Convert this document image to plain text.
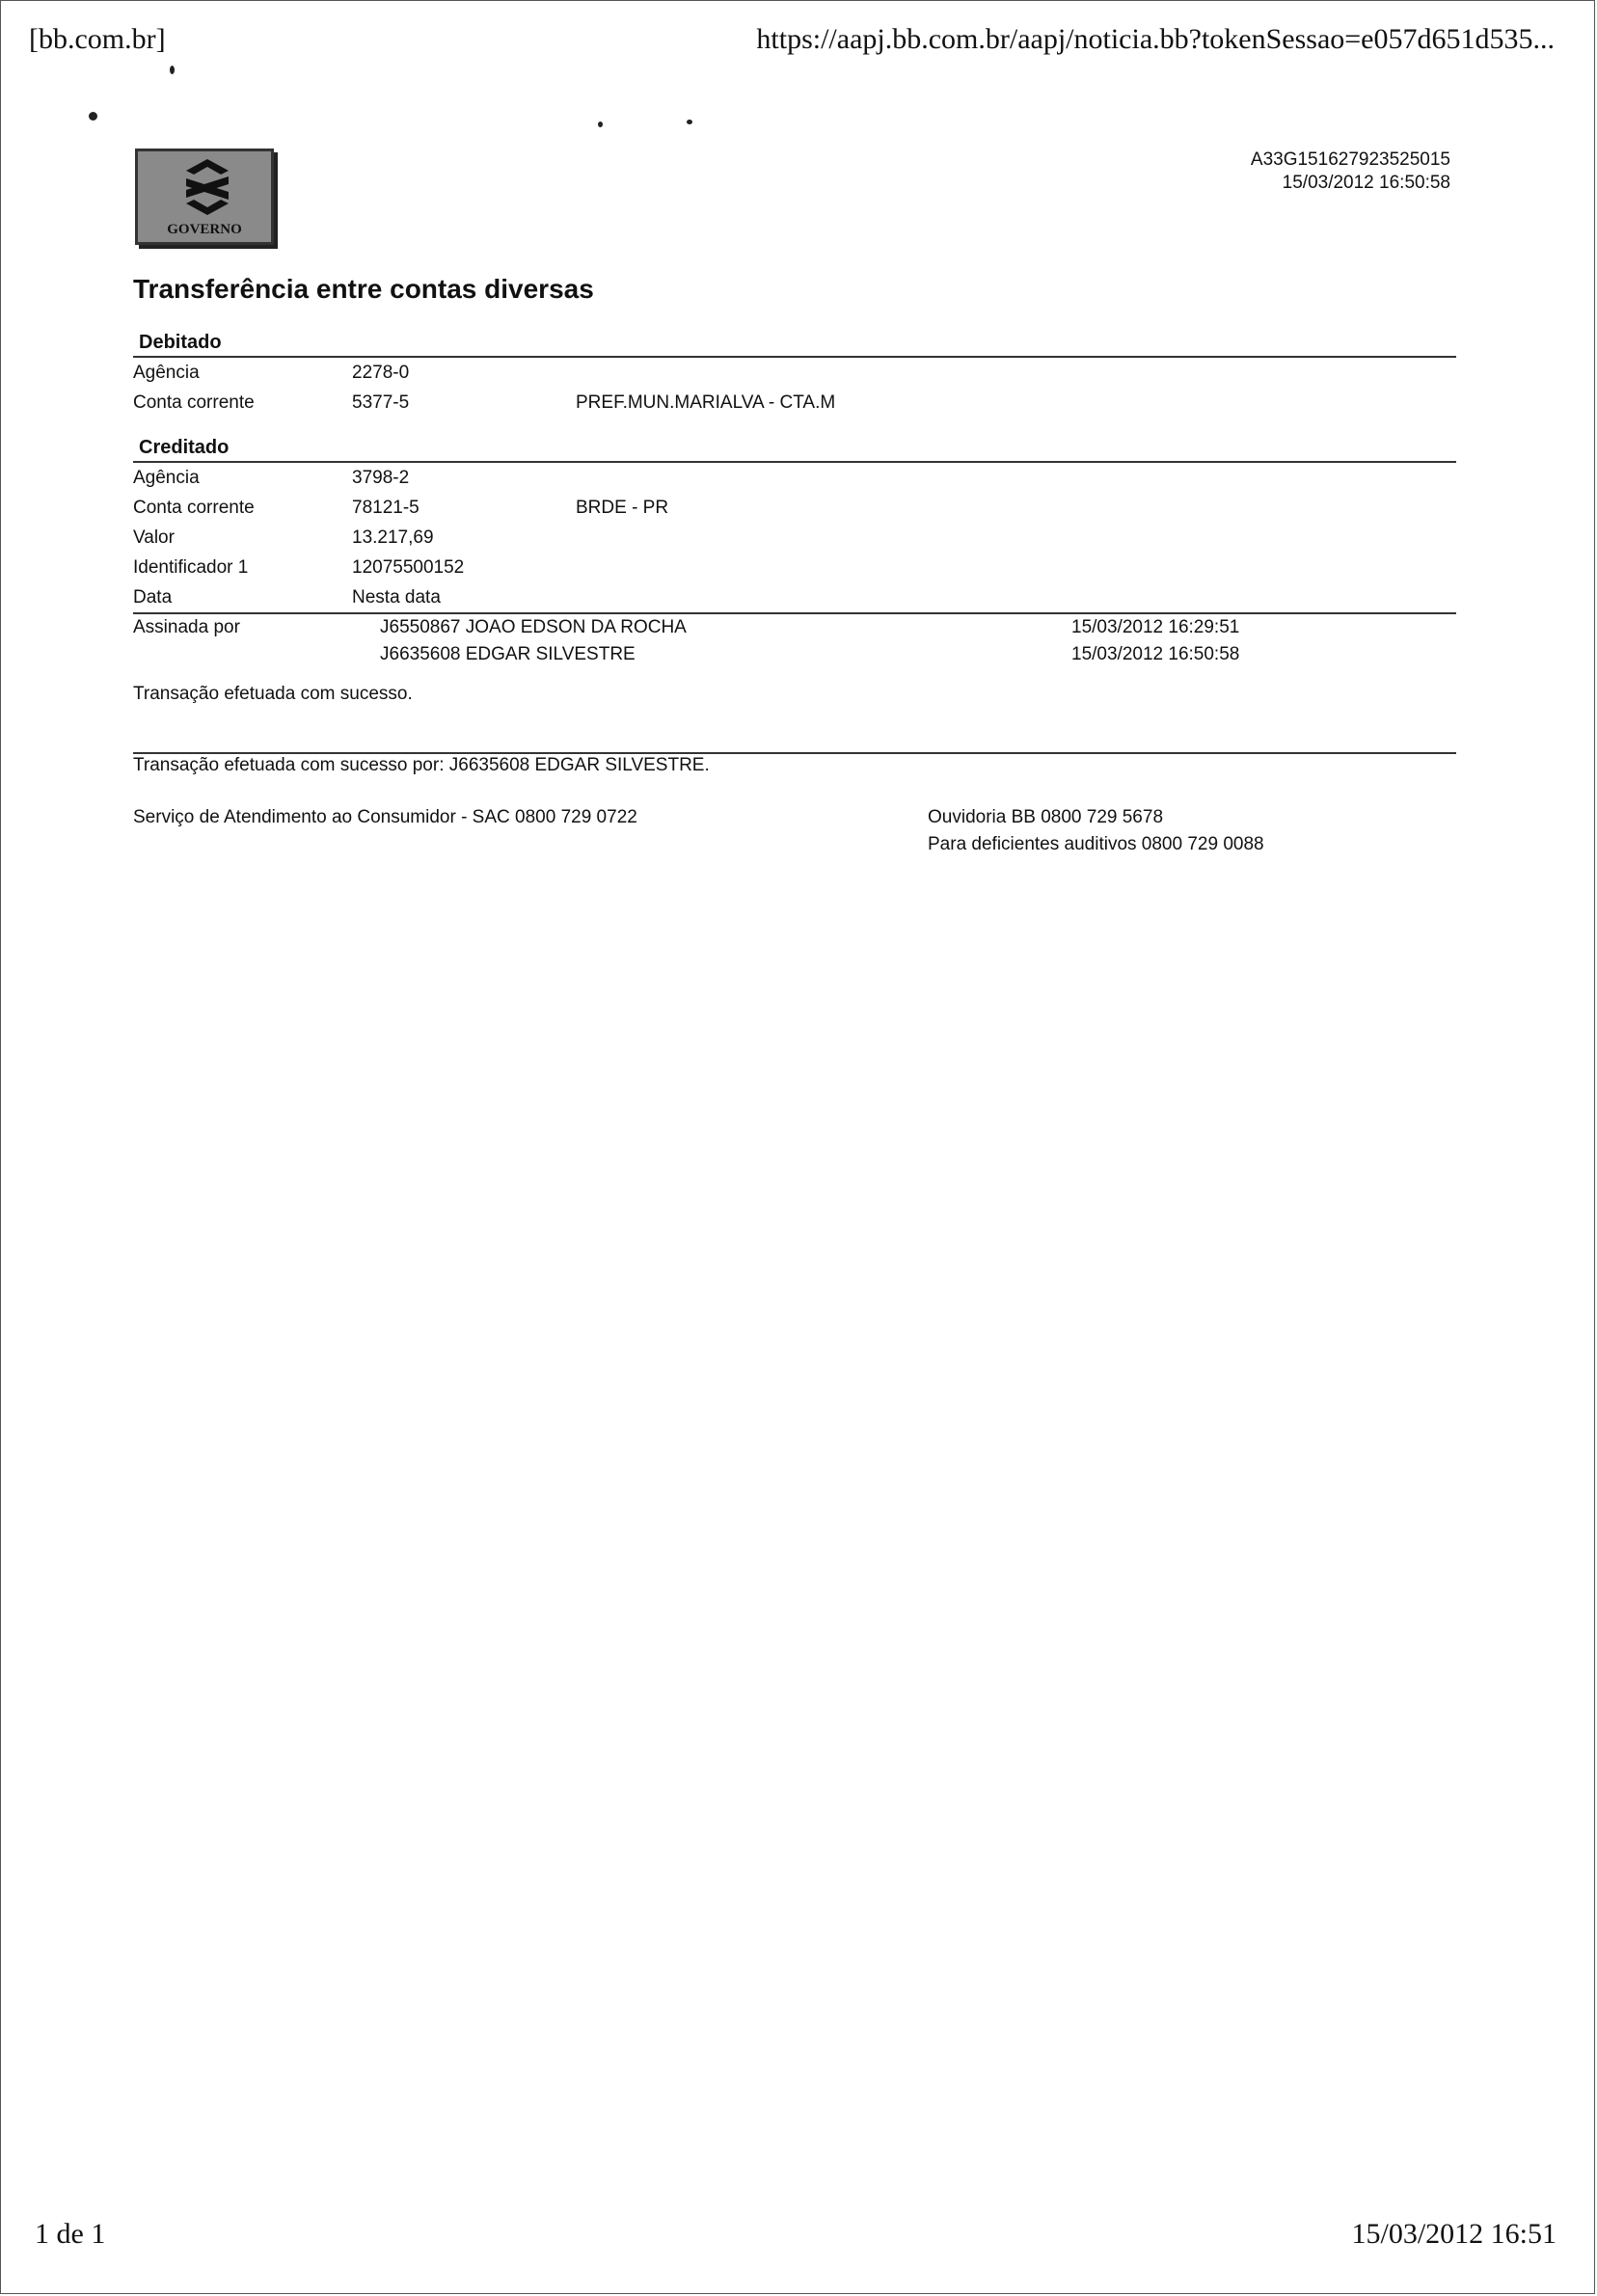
[bb.com.br]	https://aapj.bb.com.br/aapj/noticia.bb?tokenSessao=e057d651d535...
GOVERNO
A33G151627923525015
15/03/2012 16:50:58
Transferência entre contas diversas
Debitado
Agência	2278-0
Conta corrente	5377-5	PREF.MUN.MARIALVA - CTA.M
Creditado
Agência	3798-2
Conta corrente	78121-5	BRDE - PR
Valor	13.217,69
Identificador 1	12075500152
Data	Nesta data
Assinada por	J6550867 JOAO EDSON DA ROCHA	15/03/2012 16:29:51
J6635608 EDGAR SILVESTRE	15/03/2012 16:50:58
Transação efetuada com sucesso.
Transação efetuada com sucesso por: J6635608 EDGAR SILVESTRE.
Serviço de Atendimento ao Consumidor - SAC 0800 729 0722	Ouvidoria BB 0800 729 5678
Para deficientes auditivos 0800 729 0088
1 de 1	15/03/2012 16:51
